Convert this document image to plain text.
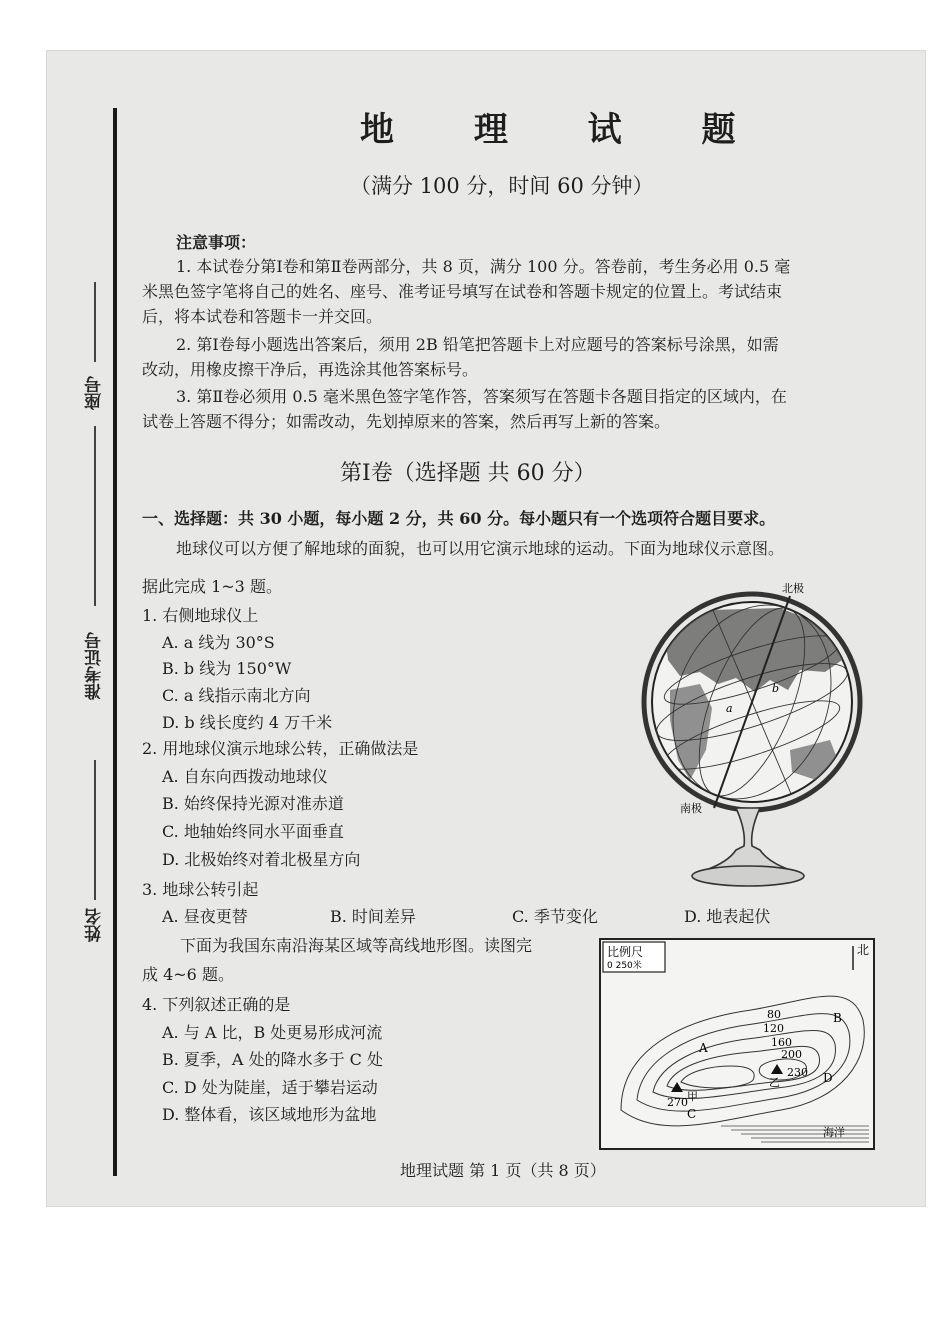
座号
准考证号
姓名
地 理 试 题
（满分 100 分，时间 60 分钟）
注意事项：
1. 本试卷分第Ⅰ卷和第Ⅱ卷两部分，共 8 页，满分 100 分。答卷前，考生务必用 0.5 毫
米黑色签字笔将自己的姓名、座号、准考证号填写在试卷和答题卡规定的位置上。考试结束
后，将本试卷和答题卡一并交回。
2. 第Ⅰ卷每小题选出答案后，须用 2B 铅笔把答题卡上对应题号的答案标号涂黑，如需
改动，用橡皮擦干净后，再选涂其他答案标号。
3. 第Ⅱ卷必须用 0.5 毫米黑色签字笔作答，答案须写在答题卡各题目指定的区域内，在
试卷上答题不得分；如需改动，先划掉原来的答案，然后再写上新的答案。
第Ⅰ卷（选择题 共 60 分）
一、选择题：共 30 小题，每小题 2 分，共 60 分。每小题只有一个选项符合题目要求。
地球仪可以方便了解地球的面貌，也可以用它演示地球的运动。下面为地球仪示意图。
据此完成 1~3 题。
1. 右侧地球仪上
A. a 线为 30°S
B. b 线为 150°W
C. a 线指示南北方向
D. b 线长度约 4 万千米
2. 用地球仪演示地球公转，正确做法是
A. 自东向西拨动地球仪
B. 始终保持光源对准赤道
C. 地轴始终同水平面垂直
D. 北极始终对着北极星方向
3. 地球公转引起
A. 昼夜更替	B. 时间差异	C. 季节变化	D. 地表起伏
下面为我国东南沿海某区域等高线地形图。读图完
成 4~6 题。
4. 下列叙述正确的是
A. 与 A 比，B 处更易形成河流
B. 夏季，A 处的降水多于 C 处
C. D 处为陡崖，适于攀岩运动
D. 整体看，该区域地形为盆地
北极
南极
a
b
比例尺
0 250米
北
海洋
80
120
160
200
270 甲
230
乙
A
B
C
D
地理试题 第 1 页（共 8 页）
